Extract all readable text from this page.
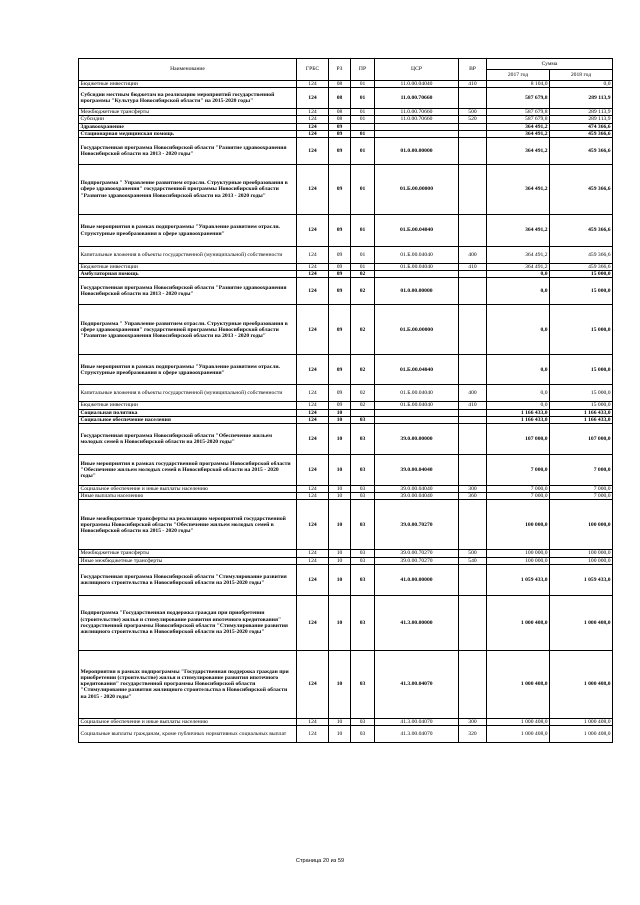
Наименование	ГРБС	РЗ	ПР	ЦСР	ВР	Сумма	
						2017 год	2018 год
Бюджетные инвестиции	124	08	01	11.0.00.04040	410	8 104,0	0,0
Субсидии местным бюджетам на реализацию мероприятий государственной программы "Культура Новосибирской области" на 2015-2020 годы"	124	08	01	11.0.00.70660		587 679,8	289 113,9
Межбюджетные трансферты	124	08	01	11.0.00.70660	500	587 679,8	289 113,9
Субсидии	124	08	01	11.0.00.70660	520	587 679,8	289 113,9
Здравоохранение	124	09				364 491,2	474 366,6
Стационарная медицинская помощь	124	09	01			364 491,2	459 366,6
Государственная программа Новосибирской области "Развитие здравоохранения Новосибирской области на 2013 - 2020 годы"	124	09	01	01.0.00.00000		364 491,2	459 366,6
Подпрограмма " Управление развитием отрасли. Структурные преобразования в сфере здравоохранения" государственной программы Новосибирской области "Развитие здравоохранения Новосибирской области на 2013 - 2020 годы"	124	09	01	01.Б.00.00000		364 491,2	459 366,6
Иные мероприятия в рамках подпрограммы "Управление развитием отрасли. Структурные преобразования в сфере здравоохранения"	124	09	01	01.Б.00.04040		364 491,2	459 366,6
Капитальные вложения в объекты государственной (муниципальной) собственности	124	09	01	01.Б.00.04040	400	364 491,2	459 366,6
Бюджетные инвестиции	124	09	01	01.Б.00.04040	410	364 491,2	459 366,6
Амбулаторная помощь	124	09	02			0,0	15 000,0
Государственная программа Новосибирской области "Развитие здравоохранения Новосибирской области на 2013 - 2020 годы"	124	09	02	01.0.00.00000		0,0	15 000,0
Подпрограмма " Управление развитием отрасли. Структурные преобразования в сфере здравоохранения" государственной программы Новосибирской области "Развитие здравоохранения Новосибирской области на 2013 - 2020 годы"	124	09	02	01.Б.00.00000		0,0	15 000,0
Иные мероприятия в рамках подпрограммы "Управление развитием отрасли. Структурные преобразования в сфере здравоохранения"	124	09	02	01.Б.00.04040		0,0	15 000,0
Капитальные вложения в объекты государственной (муниципальной) собственности	124	09	02	01.Б.00.04040	400	0,0	15 000,0
Бюджетные инвестиции	124	09	02	01.Б.00.04040	410	0,0	15 000,0
Социальная политика	124	10				1 166 433,0	1 166 433,0
Социальное обеспечение населения	124	10	03			1 166 433,0	1 166 433,0
Государственная программа Новосибирской области "Обеспечение жильем молодых семей в Новосибирской области на 2015-2020 годы"	124	10	03	39.0.00.00000		107 000,0	107 000,0
Иные мероприятия в рамках государственной программы Новосибирской области "Обеспечение жильем молодых семей в Новосибирской области на 2015 - 2020 годы"	124	10	03	39.0.00.04040		7 000,0	7 000,0
Социальное обеспечение и иные выплаты населению	124	10	03	39.0.00.04040	300	7 000,0	7 000,0
Иные выплаты населению	124	10	03	39.0.00.04040	360	7 000,0	7 000,0
Иные межбюджетные трансферты на реализацию мероприятий государственной программы Новосибирской области "Обеспечение жильем молодых семей в Новосибирской области на 2015 - 2020 годы"	124	10	03	39.0.00.70270		100 000,0	100 000,0
Межбюджетные трансферты	124	10	03	39.0.00.70270	500	100 000,0	100 000,0
Иные межбюджетные трансферты	124	10	03	39.0.00.70270	540	100 000,0	100 000,0
Государственная программа Новосибирской области "Стимулирование развития жилищного строительства в Новосибирской области на 2015-2020 годы"	124	10	03	41.0.00.00000		1 059 433,0	1 059 433,0
Подпрограмма "Государственная поддержка граждан при приобретении (строительстве) жилья и стимулирование развития ипотечного кредитования" государственной программы Новосибирской области "Стимулирование развития жилищного строительства в Новосибирской области на 2015-2020 годы"	124	10	03	41.3.00.00000		1 000 408,0	1 000 408,0
Мероприятия в рамках подпрограммы "Государственная поддержка граждан при приобретении (строительстве) жилья и стимулирование развития ипотечного кредитования" государственной программы Новосибирской области "Стимулирование развития жилищного строительства в Новосибирской области на 2015 - 2020 годы"	124	10	03	41.3.00.04070		1 000 408,0	1 000 408,0
Социальное обеспечение и иные выплаты населению	124	10	03	41.3.00.04070	300	1 000 408,0	1 000 408,0
Социальные выплаты гражданам, кроме публичных нормативных социальных выплат	124	10	03	41.3.00.04070	320	1 000 408,0	1 000 408,0
Страница 20 из 59
